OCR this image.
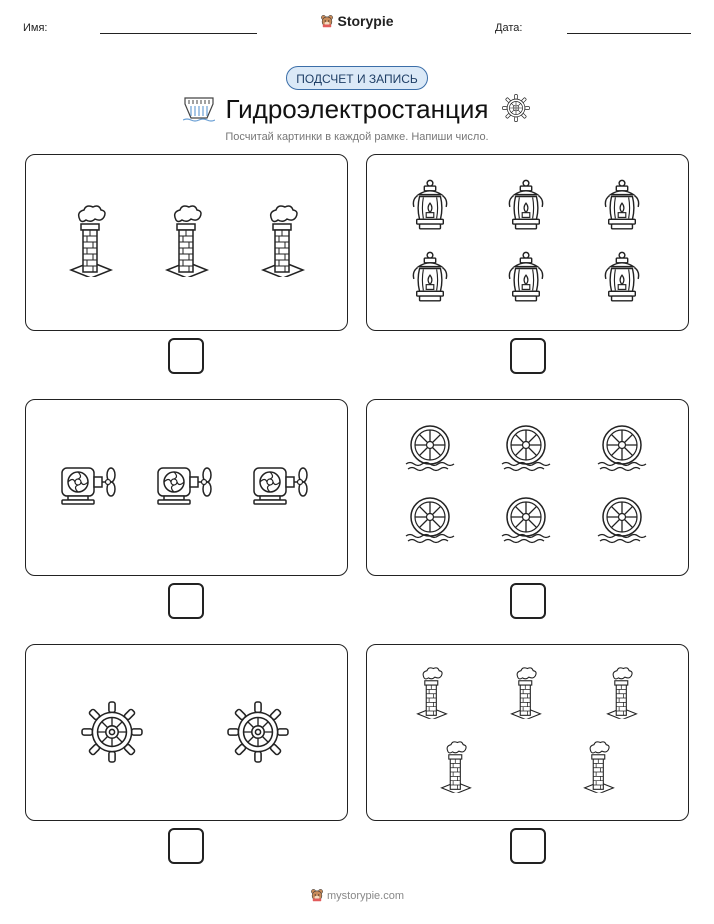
Имя:	Storypie	Дата:
ПОДСЧЕТ И ЗАПИСЬ
Гидроэлектростанция
Посчитай картинки в каждой рамке. Напиши число.
mystorypie.com
